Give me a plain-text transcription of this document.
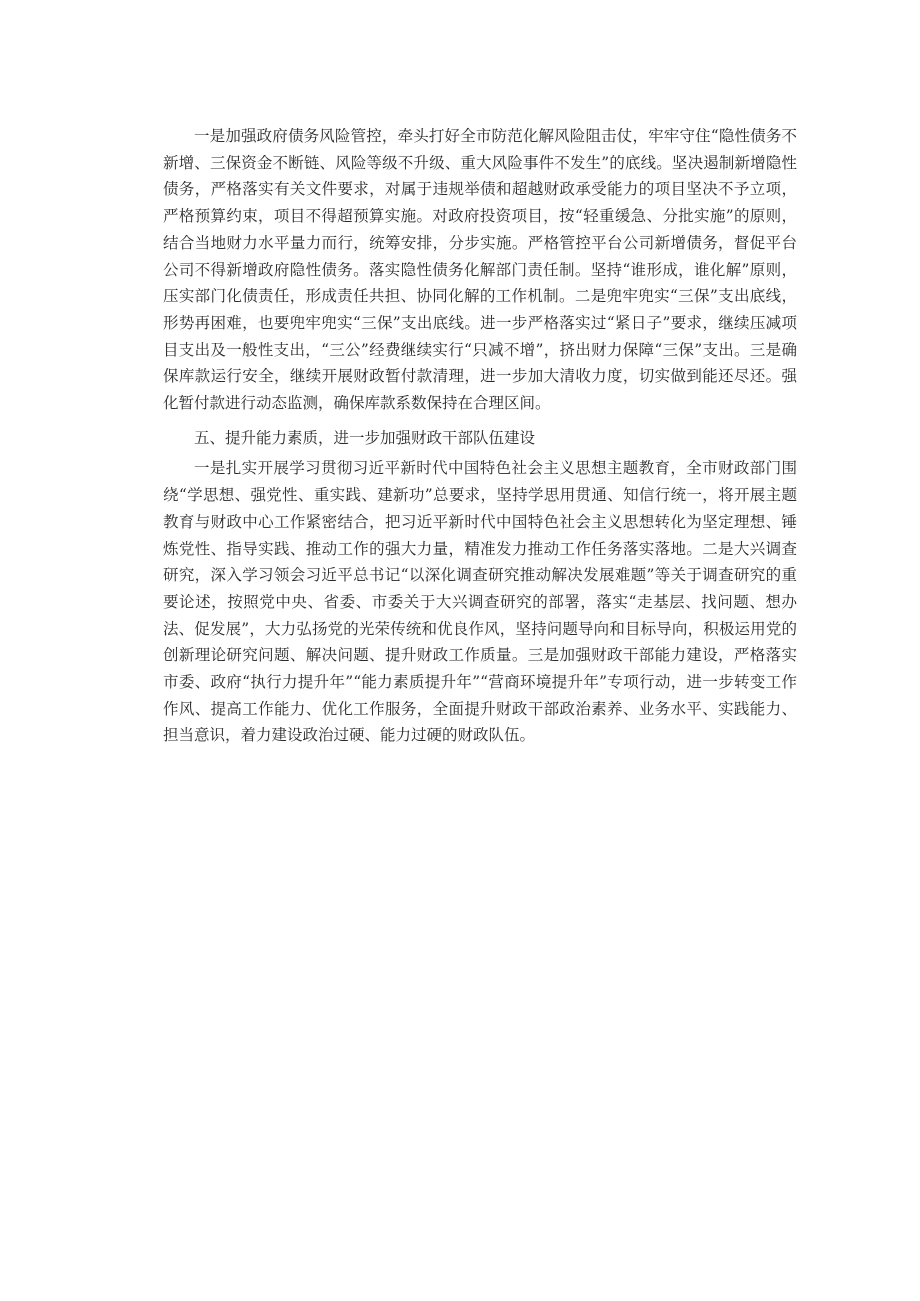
一是加强政府债务风险管控，牵头打好全市防范化解风险阻击仗，牢牢守住“隐性债务不新增、三保资金不断链、风险等级不升级、重大风险事件不发生”的底线。坚决遏制新增隐性债务，严格落实有关文件要求，对属于违规举债和超越财政承受能力的项目坚决不予立项，严格预算约束，项目不得超预算实施。对政府投资项目，按“轻重缓急、分批实施”的原则，结合当地财力水平量力而行，统筹安排，分步实施。严格管控平台公司新增债务，督促平台公司不得新增政府隐性债务。落实隐性债务化解部门责任制。坚持“谁形成，谁化解”原则，压实部门化债责任，形成责任共担、协同化解的工作机制。二是兜牢兜实“三保”支出底线，形势再困难，也要兜牢兜实“三保”支出底线。进一步严格落实过“紧日子”要求，继续压减项目支出及一般性支出，“三公”经费继续实行“只减不增”，挤出财力保障“三保”支出。三是确保库款运行安全，继续开展财政暂付款清理，进一步加大清收力度，切实做到能还尽还。强化暂付款进行动态监测，确保库款系数保持在合理区间。

五、提升能力素质，进一步加强财政干部队伍建设

一是扎实开展学习贯彻习近平新时代中国特色社会主义思想主题教育，全市财政部门围绕“学思想、强党性、重实践、建新功”总要求，坚持学思用贯通、知信行统一，将开展主题教育与财政中心工作紧密结合，把习近平新时代中国特色社会主义思想转化为坚定理想、锤炼党性、指导实践、推动工作的强大力量，精准发力推动工作任务落实落地。二是大兴调查研究，深入学习领会习近平总书记“以深化调查研究推动解决发展难题”等关于调查研究的重要论述，按照党中央、省委、市委关于大兴调查研究的部署，落实“走基层、找问题、想办法、促发展”，大力弘扬党的光荣传统和优良作风，坚持问题导向和目标导向，积极运用党的创新理论研究问题、解决问题、提升财政工作质量。三是加强财政干部能力建设，严格落实市委、政府“执行力提升年”“能力素质提升年”“营商环境提升年”专项行动，进一步转变工作作风、提高工作能力、优化工作服务，全面提升财政干部政治素养、业务水平、实践能力、担当意识，着力建设政治过硬、能力过硬的财政队伍。
